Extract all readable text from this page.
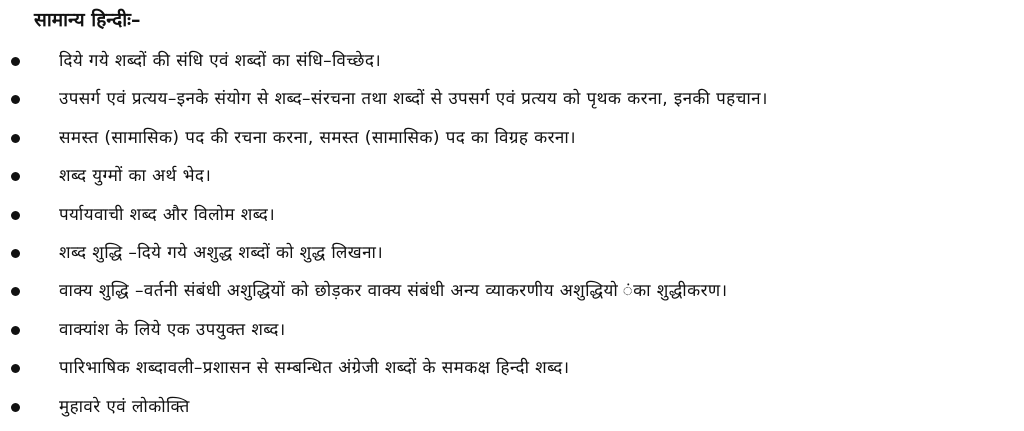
सामान्य हिन्दीः–
दिये गये शब्दों की संधि एवं शब्दों का संधि–विच्छेद।
उपसर्ग एवं प्रत्यय–इनके संयोग से शब्द–संरचना तथा शब्दों से उपसर्ग एवं प्रत्यय को पृथक करना, इनकी पहचान।
समस्त (सामासिक) पद की रचना करना, समस्त (सामासिक) पद का विग्रह करना।
शब्द युग्मों का अर्थ भेद।
पर्यायवाची शब्द और विलोम शब्द।
शब्द शुद्धि –दिये गये अशुद्ध शब्दों को शुद्ध लिखना।
वाक्य शुद्धि –वर्तनी संबंधी अशुद्धियों को छोड़कर वाक्य संबंधी अन्य व्याकरणीय अशुद्धियो ंका शुद्धीकरण।
वाक्यांश के लिये एक उपयुक्त शब्द।
पारिभाषिक शब्दावली–प्रशासन से सम्बन्धित अंग्रेजी शब्दों के समकक्ष हिन्दी शब्द।
मुहावरे एवं लोकोक्ति
